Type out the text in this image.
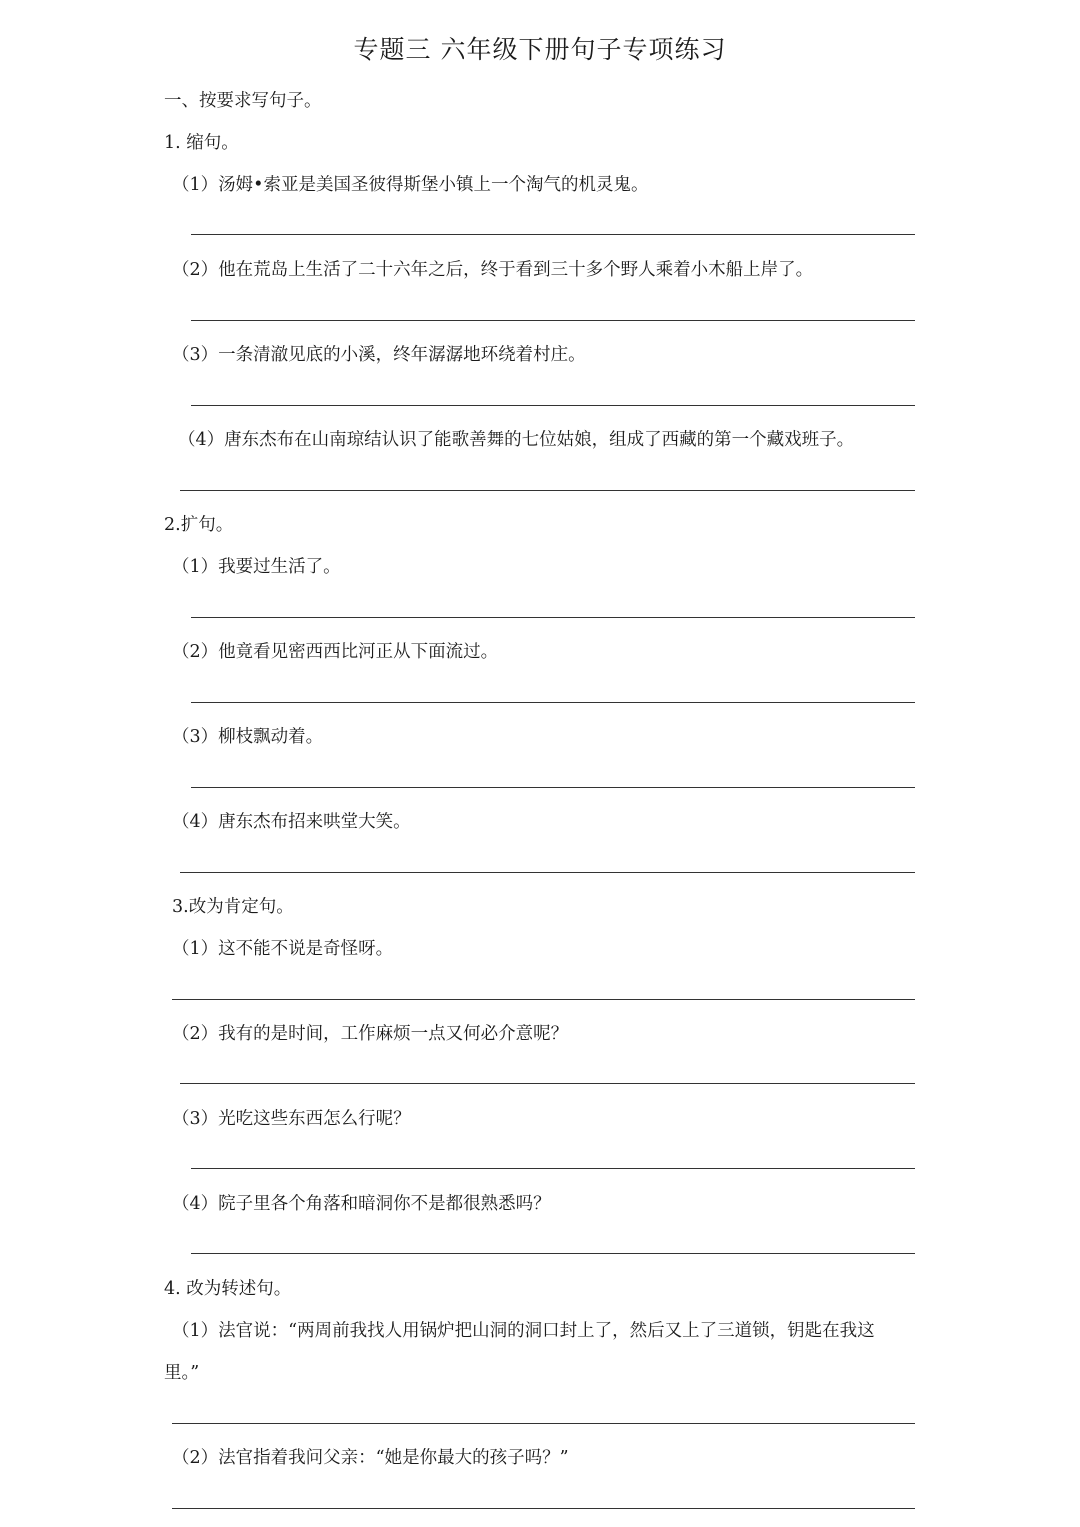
专题三 六年级下册句子专项练习
一、按要求写句子。
1. 缩句。
（1）汤姆•索亚是美国圣彼得斯堡小镇上一个淘气的机灵鬼。
（2）他在荒岛上生活了二十六年之后，终于看到三十多个野人乘着小木船上岸了。
（3）一条清澈见底的小溪，终年潺潺地环绕着村庄。
（4）唐东杰布在山南琼结认识了能歌善舞的七位姑娘，组成了西藏的第一个藏戏班子。
2.扩句。
（1）我要过生活了。
（2）他竟看见密西西比河正从下面流过。
（3）柳枝飘动着。
（4）唐东杰布招来哄堂大笑。
3.改为肯定句。
（1）这不能不说是奇怪呀。
（2）我有的是时间，工作麻烦一点又何必介意呢？
（3）光吃这些东西怎么行呢？
（4）院子里各个角落和暗洞你不是都很熟悉吗？
4. 改为转述句。
（1）法官说：“两周前我找人用锅炉把山洞的洞口封上了，然后又上了三道锁，钥匙在我这
里。”
（2）法官指着我问父亲：“她是你最大的孩子吗？”
